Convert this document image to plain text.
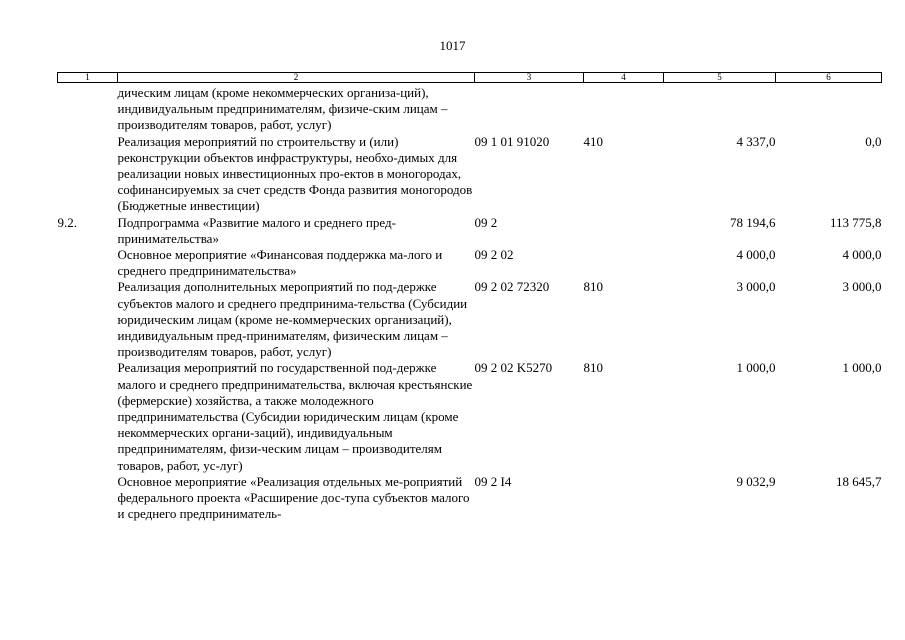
1017
1	2	3	4	5	6
	дическим лицам (кроме некоммерческих организа-ций), индивидуальным предпринимателям, физиче-ским лицам – производителям товаров, работ, услуг)				
	Реализация мероприятий по строительству и (или) реконструкции объектов инфраструктуры, необхо-димых для реализации новых инвестиционных про-ектов в моногородах, софинансируемых за счет средств Фонда развития моногородов (Бюджетные инвестиции)	09 1 01 91020	410	4 337,0	0,0
9.2.	Подпрограмма «Развитие малого и среднего пред-принимательства»	09 2		78 194,6	113 775,8
	Основное мероприятие «Финансовая поддержка ма-лого и среднего предпринимательства»	09 2 02		4 000,0	4 000,0
	Реализация дополнительных мероприятий по под-держке субъектов малого и среднего предпринима-тельства (Субсидии юридическим лицам (кроме не-коммерческих организаций), индивидуальным пред-принимателям, физическим лицам – производителям товаров, работ, услуг)	09 2 02 72320	810	3 000,0	3 000,0
	Реализация мероприятий по государственной под-держке малого и среднего предпринимательства, включая крестьянские (фермерские) хозяйства, а также молодежного предпринимательства (Субсидии юридическим лицам (кроме некоммерческих органи-заций), индивидуальным предпринимателям, физи-ческим лицам – производителям товаров, работ, ус-луг)	09 2 02 K5270	810	1 000,0	1 000,0
	Основное мероприятие «Реализация отдельных ме-роприятий федерального проекта «Расширение дос-тупа субъектов малого и среднего предприниматель-	09 2 I4		9 032,9	18 645,7
